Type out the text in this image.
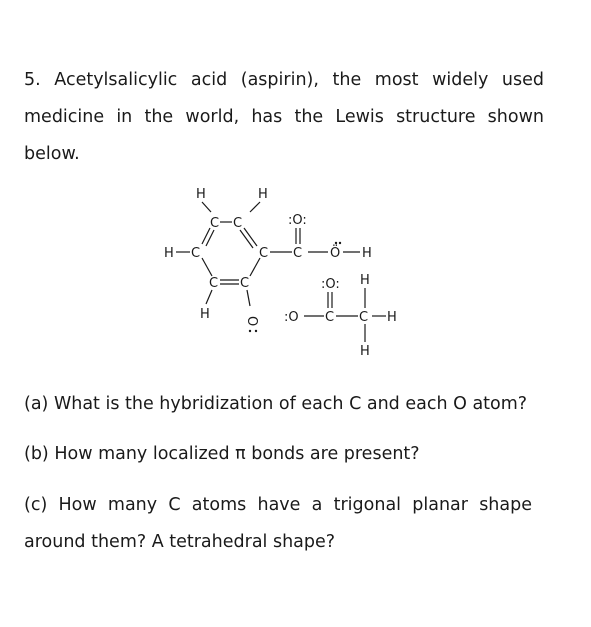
5. Acetylsalicylic acid (aspirin), the most widely used medicine in the world, has the Lewis structure shown below.

H	H
C C
H C	C C
:O:
Ö H
C C	:O: H
H	:O C C H
H
O

(a) What is the hybridization of each C and each O atom?

(b) How many localized π bonds are present?

(c) How many C atoms have a trigonal planar shape around them? A tetrahedral shape?
